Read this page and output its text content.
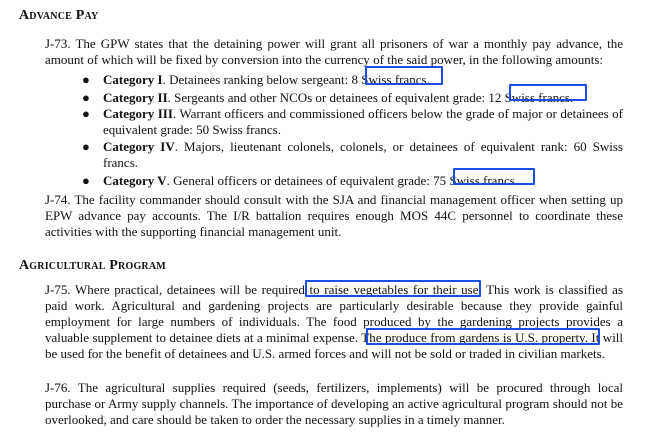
Advance Pay
J-73. The GPW states that the detaining power will grant all prisoners of war a monthly pay advance, the amount of which will be fixed by conversion into the currency of the said power, in the following amounts:
● Category I. Detainees ranking below sergeant: 8 Swiss francs.
● Category II. Sergeants and other NCOs or detainees of equivalent grade: 12 Swiss francs.
● Category III. Warrant officers and commissioned officers below the grade of major or detainees of equivalent grade: 50 Swiss francs.
● Category IV. Majors, lieutenant colonels, colonels, or detainees of equivalent rank: 60 Swiss francs.
● Category V. General officers or detainees of equivalent grade: 75 Swiss francs.
J-74. The facility commander should consult with the SJA and financial management officer when setting up EPW advance pay accounts. The I/R battalion requires enough MOS 44C personnel to coordinate these activities with the supporting financial management unit.
Agricultural Program
J-75. Where practical, detainees will be required to raise vegetables for their use. This work is classified as paid work. Agricultural and gardening projects are particularly desirable because they provide gainful employment for large numbers of individuals. The food produced by the gardening projects provides a valuable supplement to detainee diets at a minimal expense. The produce from gardens is U.S. property. It will be used for the benefit of detainees and U.S. armed forces and will not be sold or traded in civilian markets.
J-76. The agricultural supplies required (seeds, fertilizers, implements) will be procured through local purchase or Army supply channels. The importance of developing an active agricultural program should not be overlooked, and care should be taken to order the necessary supplies in a timely manner.
